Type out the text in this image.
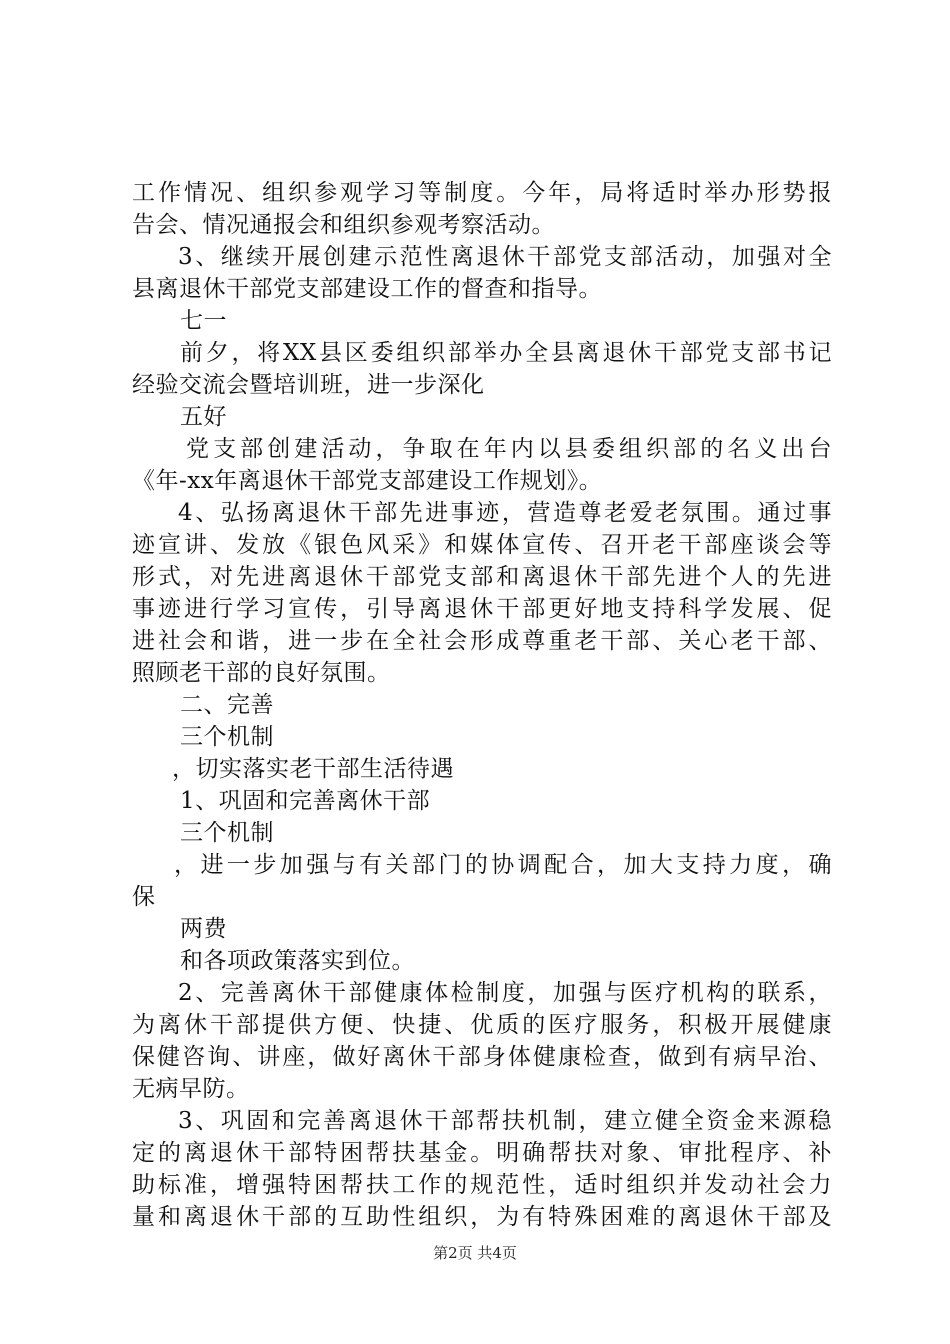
工作情况、组织参观学习等制度。今年，局将适时举办形势报
告会、情况通报会和组织参观考察活动。
3、继续开展创建示范性离退休干部党支部活动，加强对全
县离退休干部党支部建设工作的督查和指导。
七一
前夕，将XX县区委组织部举办全县离退休干部党支部书记
经验交流会暨培训班，进一步深化
五好
党支部创建活动，争取在年内以县委组织部的名义出台
《年-xx年离退休干部党支部建设工作规划》。
4、弘扬离退休干部先进事迹，营造尊老爱老氛围。通过事
迹宣讲、发放《银色风采》和媒体宣传、召开老干部座谈会等
形式，对先进离退休干部党支部和离退休干部先进个人的先进
事迹进行学习宣传，引导离退休干部更好地支持科学发展、促
进社会和谐，进一步在全社会形成尊重老干部、关心老干部、
照顾老干部的良好氛围。
二、完善
三个机制
，切实落实老干部生活待遇
1、巩固和完善离休干部
三个机制
，进一步加强与有关部门的协调配合，加大支持力度，确
保
两费
和各项政策落实到位。
2、完善离休干部健康体检制度，加强与医疗机构的联系，
为离休干部提供方便、快捷、优质的医疗服务，积极开展健康
保健咨询、讲座，做好离休干部身体健康检查，做到有病早治、
无病早防。
3、巩固和完善离退休干部帮扶机制，建立健全资金来源稳
定的离退休干部特困帮扶基金。明确帮扶对象、审批程序、补
助标准，增强特困帮扶工作的规范性，适时组织并发动社会力
量和离退休干部的互助性组织，为有特殊困难的离退休干部及
第2页 共4页
